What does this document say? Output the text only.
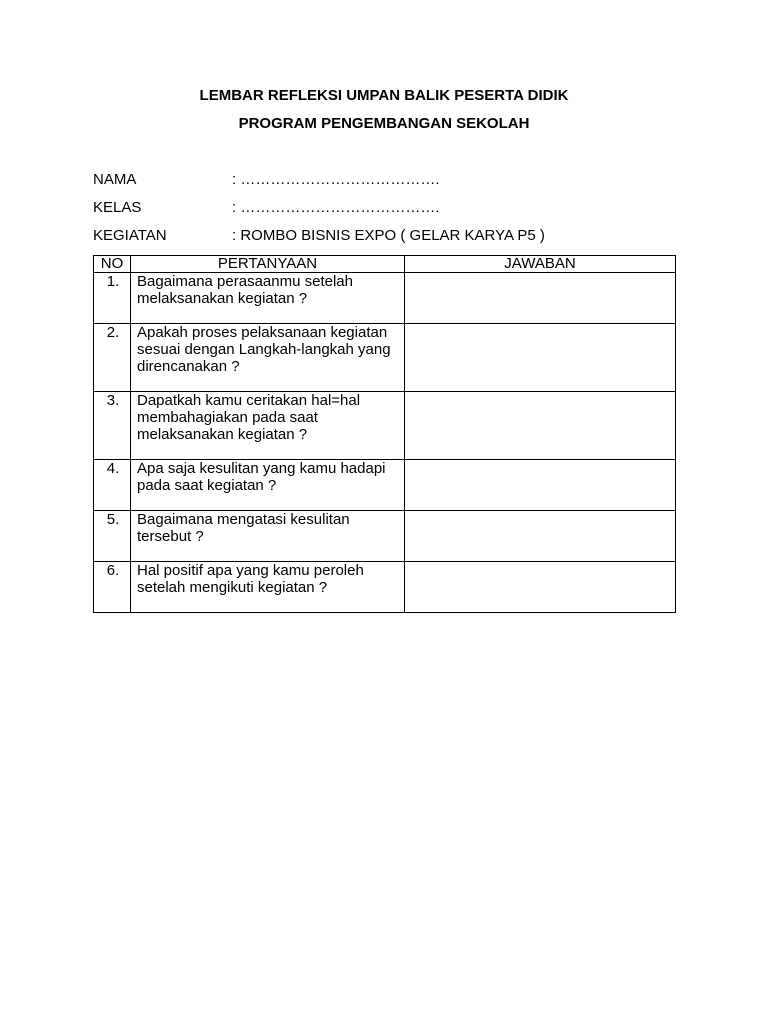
LEMBAR REFLEKSI UMPAN BALIK PESERTA DIDIK
PROGRAM PENGEMBANGAN SEKOLAH
NAMA	: ………………………………….
KELAS	: ………………………………….
KEGIATAN	: ROMBO BISNIS EXPO ( GELAR KARYA P5 )
NO	PERTANYAAN	JAWABAN
1.	Bagaimana perasaanmu setelah melaksanakan kegiatan ?	
2.	Apakah proses pelaksanaan kegiatan sesuai dengan Langkah-langkah yang direncanakan ?	
3.	Dapatkah kamu ceritakan hal=hal membahagiakan pada saat melaksanakan kegiatan ?	
4.	Apa saja kesulitan yang kamu hadapi pada saat kegiatan ?	
5.	Bagaimana mengatasi kesulitan tersebut ?	
6.	Hal positif apa yang kamu peroleh setelah mengikuti kegiatan ?	
